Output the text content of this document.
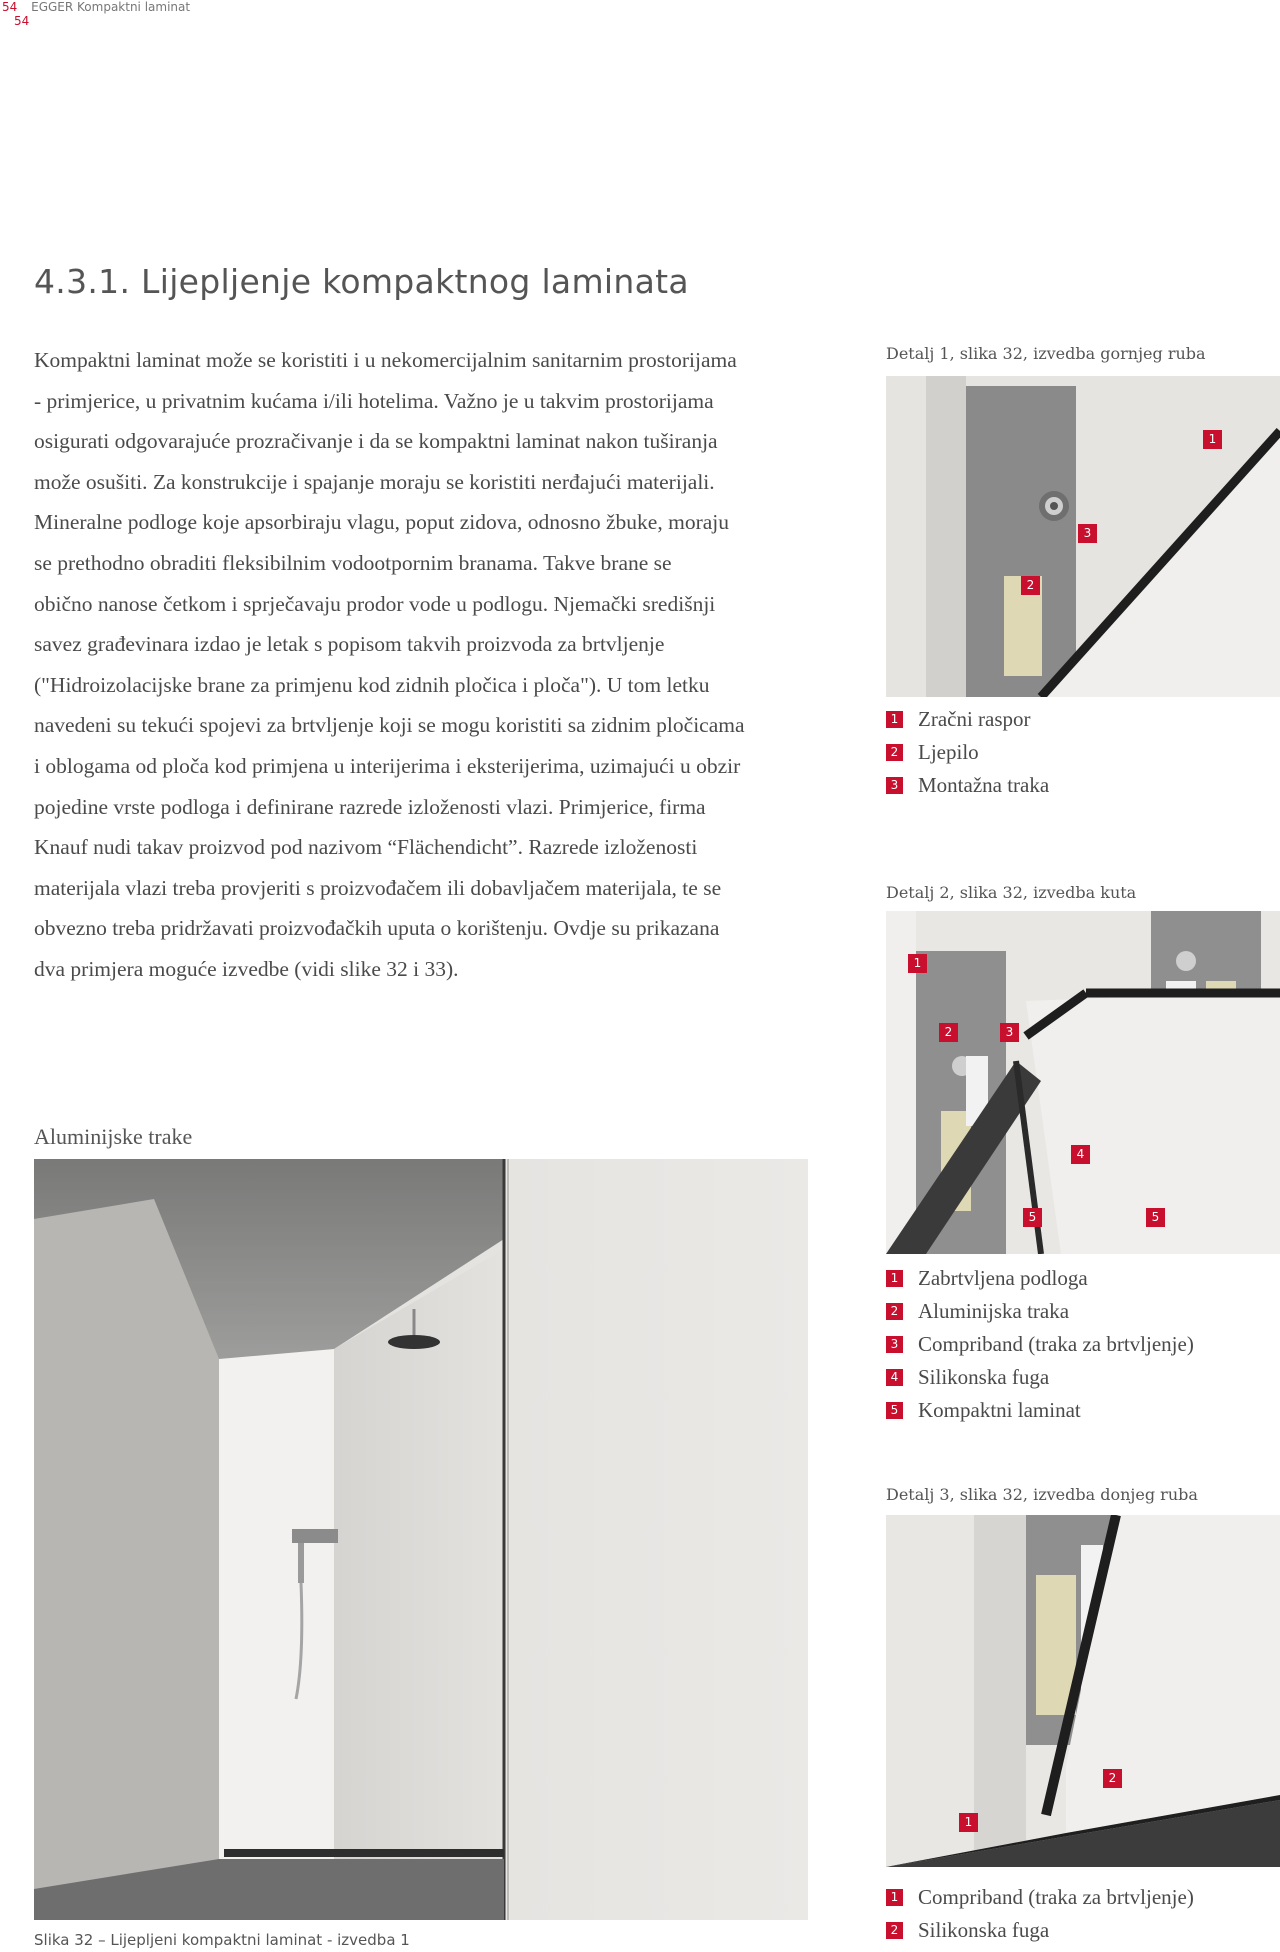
54 EGGER Kompaktni laminat
54
4.3.1. Lijepljenje kompaktnog laminata

Kompaktni laminat može se koristiti i u nekomercijalnim sanitarnim prostorijama

- primjerice, u privatnim kućama i/ili hotelima. Važno je u takvim prostorijama

osigurati odgovarajuće prozračivanje i da se kompaktni laminat nakon tuširanja

može osušiti. Za konstrukcije i spajanje moraju se koristiti nerđajući materijali.

Mineralne podloge koje apsorbiraju vlagu, poput zidova, odnosno žbuke, moraju

se prethodno obraditi fleksibilnim vodootpornim branama. Takve brane se

obično nanose četkom i sprječavaju prodor vode u podlogu. Njemački središnji

savez građevinara izdao je letak s popisom takvih proizvoda za brtvljenje

("Hidroizolacijske brane za primjenu kod zidnih pločica i ploča"). U tom letku

navedeni su tekući spojevi za brtvljenje koji se mogu koristiti sa zidnim pločicama

i oblogama od ploča kod primjena u interijerima i eksterijerima, uzimajući u obzir

pojedine vrste podloga i definirane razrede izloženosti vlazi. Primjerice, firma

Knauf nudi takav proizvod pod nazivom “Flächendicht”. Razrede izloženosti

materijala vlazi treba provjeriti s proizvođačem ili dobavljačem materijala, te se

obvezno treba pridržavati proizvođačkih uputa o korištenju. Ovdje su prikazana

dva primjera moguće izvedbe (vidi slike 32 i 33).

Aluminijske trake
Slika 32 – Lijepljeni kompaktni laminat - izvedba 1
Detalj 1, slika 32, izvedba gornjeg ruba
1
3
2
1 Zračni raspor
2 Ljepilo
3 Montažna traka
Detalj 2, slika 32, izvedba kuta
1
2	3
4
5	5
1 Zabrtvljena podloga
2 Aluminijska traka
3 Compriband (traka za brtvljenje)
4 Silikonska fuga
5 Kompaktni laminat
Detalj 3, slika 32, izvedba donjeg ruba
2
1
1 Compriband (traka za brtvljenje)
2 Silikonska fuga
